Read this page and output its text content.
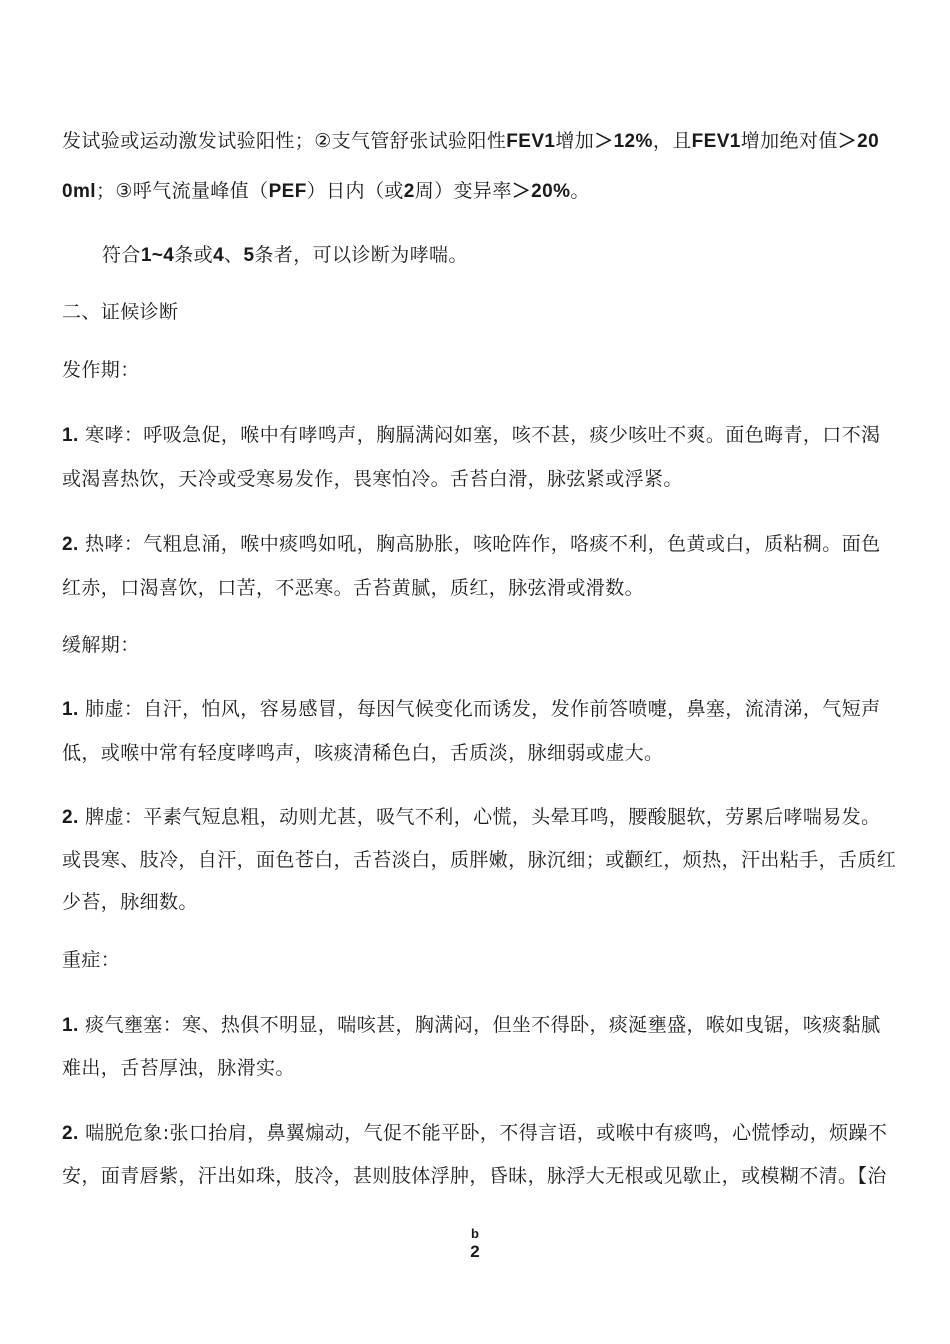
发试验或运动激发试验阳性；②支气管舒张试验阳性FEV1增加＞12%，且FEV1增加绝对值＞20

0ml；③呼气流量峰值（PEF）日内（或2周）变异率＞20%。

符合1~4条或4、5条者，可以诊断为哮喘。

二、证候诊断

发作期：

1. 寒哮：呼吸急促，喉中有哮鸣声，胸膈满闷如塞，咳不甚，痰少咳吐不爽。面色晦青，口不渴

或渴喜热饮，天冷或受寒易发作，畏寒怕冷。舌苔白滑，脉弦紧或浮紧。

2. 热哮：气粗息涌，喉中痰鸣如吼，胸高胁胀，咳呛阵作，咯痰不利，色黄或白，质粘稠。面色

红赤，口渴喜饮，口苦，不恶寒。舌苔黄腻，质红，脉弦滑或滑数。

缓解期：

1. 肺虚：自汗，怕风，容易感冒，每因气候变化而诱发，发作前答喷嚏，鼻塞，流清涕，气短声

低，或喉中常有轻度哮鸣声，咳痰清稀色白，舌质淡，脉细弱或虚大。

2. 脾虚：平素气短息粗，动则尤甚，吸气不利，心慌，头晕耳鸣，腰酸腿软，劳累后哮喘易发。

或畏寒、肢冷，自汗，面色苍白，舌苔淡白，质胖嫩，脉沉细；或颧红，烦热，汗出粘手，舌质红

少苔，脉细数。

重症：

1. 痰气壅塞：寒、热俱不明显，喘咳甚，胸满闷，但坐不得卧，痰涎壅盛，喉如曳锯，咳痰黏腻

难出，舌苔厚浊，脉滑实。

2. 喘脱危象:张口抬肩，鼻翼煽动，气促不能平卧，不得言语，或喉中有痰鸣，心慌悸动，烦躁不

安，面青唇紫，汗出如珠，肢冷，甚则肢体浮肿，昏昧，脉浮大无根或见歇止，或模糊不清。【治

b
2
